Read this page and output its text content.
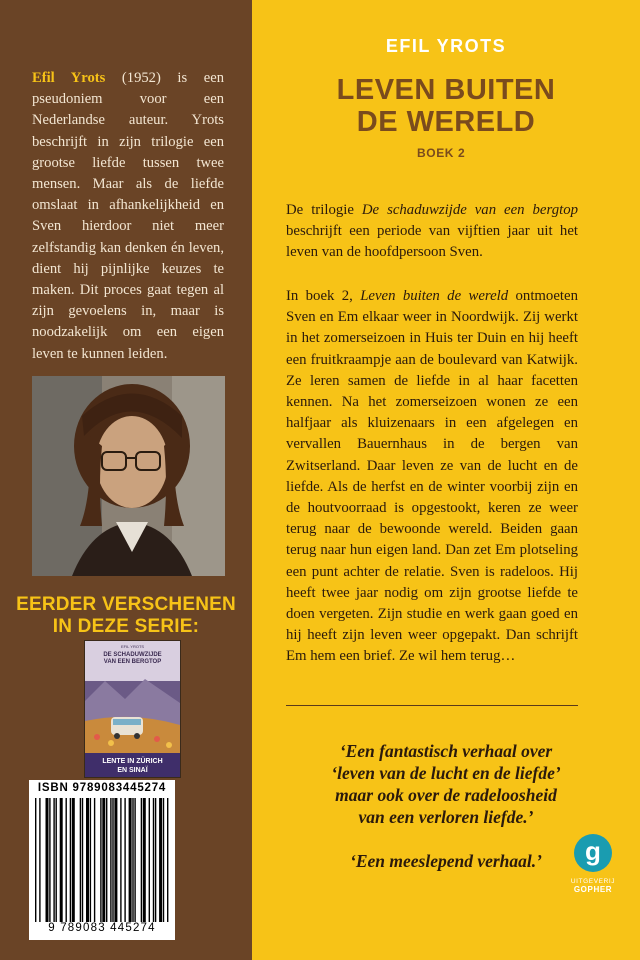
Efil Yrots (1952) is een pseudoniem voor een Nederlandse auteur. Yrots beschrijft in zijn trilogie een grootse liefde tussen twee mensen. Maar als de liefde omslaat in afhankelijkheid en Sven hierdoor niet meer zelfstandig kan denken én leven, dient hij pijnlijke keuzes te maken. Dit proces gaat tegen al zijn gevoelens in, maar is noodzakelijk om een eigen leven te kunnen leiden.

EERDER VERSCHENEN
IN DEZE SERIE:
EFIL YROTS
DE SCHADUWZIJDE
VAN EEN BERGTOP
LENTE IN ZÜRICH
EN SINAÏ
ISBN 9789083445274
9 789083 445274
EFIL YROTS
LEVEN BUITEN
DE WERELD
BOEK 2

De trilogie De schaduwzijde van een bergtop beschrijft een periode van vijftien jaar uit het leven van de hoofdpersoon Sven.

In boek 2, Leven buiten de wereld ontmoeten Sven en Em elkaar weer in Noordwijk. Zij werkt in het zomerseizoen in Huis ter Duin en hij heeft een fruitkraampje aan de boulevard van Katwijk. Ze leren samen de liefde in al haar facetten kennen. Na het zomerseizoen wonen ze een halfjaar als kluizenaars in een afgelegen en vervallen Bauernhaus in de bergen van Zwitserland. Daar leven ze van de lucht en de liefde. Als de herfst en de winter voorbij zijn en de houtvoorraad is opgestookt, keren ze weer terug naar de bewoonde wereld. Beiden gaan terug naar hun eigen land. Dan zet Em plotseling een punt achter de relatie. Sven is radeloos. Hij heeft twee jaar nodig om zijn grootse liefde te doen vergeten. Zijn studie en werk gaan goed en hij heeft zijn leven weer opgepakt. Dan schrijft Em hem een brief. Ze wil hem terug…

‘Een fantastisch verhaal over
‘leven van de lucht en de liefde’
maar ook over de radeloosheid
van een verloren liefde.’
‘Een meeslepend verhaal.’	g
UITGEVERIJ
GOPHER
